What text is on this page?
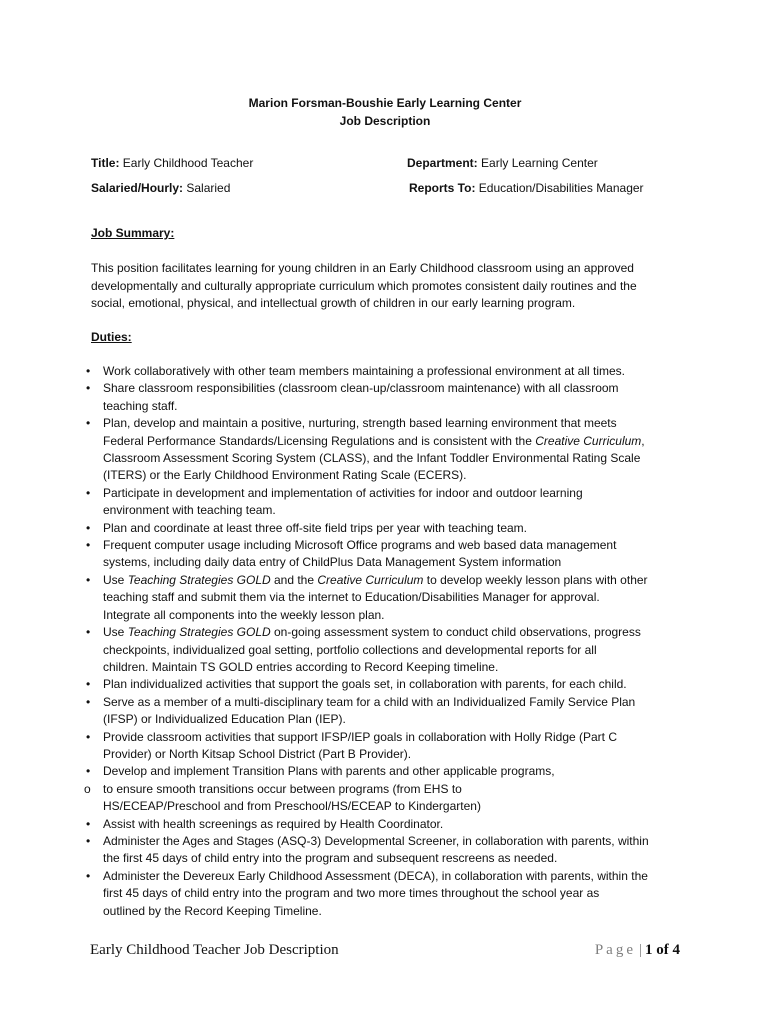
Marion Forsman-Boushie Early Learning Center
Job Description
Title: Early Childhood Teacher	Department: Early Learning Center
Salaried/Hourly: Salaried	Reports To: Education/Disabilities Manager
Job Summary:
This position facilitates learning for young children in an Early Childhood classroom using an approved
developmentally and culturally appropriate curriculum which promotes consistent daily routines and the
social, emotional, physical, and intellectual growth of children in our early learning program.
Duties:
• Work collaboratively with other team members maintaining a professional environment at all times.
• Share classroom responsibilities (classroom clean-up/classroom maintenance) with all classroom
teaching staff.
• Plan, develop and maintain a positive, nurturing, strength based learning environment that meets
Federal Performance Standards/Licensing Regulations and is consistent with the Creative Curriculum,
Classroom Assessment Scoring System (CLASS), and the Infant Toddler Environmental Rating Scale
(ITERS) or the Early Childhood Environment Rating Scale (ECERS).
• Participate in development and implementation of activities for indoor and outdoor learning
environment with teaching team.
• Plan and coordinate at least three off-site field trips per year with teaching team.
• Frequent computer usage including Microsoft Office programs and web based data management
systems, including daily data entry of ChildPlus Data Management System information
• Use Teaching Strategies GOLD and the Creative Curriculum to develop weekly lesson plans with other
teaching staff and submit them via the internet to Education/Disabilities Manager for approval.
Integrate all components into the weekly lesson plan.
• Use Teaching Strategies GOLD on-going assessment system to conduct child observations, progress
checkpoints, individualized goal setting, portfolio collections and developmental reports for all
children. Maintain TS GOLD entries according to Record Keeping timeline.
• Plan individualized activities that support the goals set, in collaboration with parents, for each child.
• Serve as a member of a multi-disciplinary team for a child with an Individualized Family Service Plan
(IFSP) or Individualized Education Plan (IEP).
• Provide classroom activities that support IFSP/IEP goals in collaboration with Holly Ridge (Part C
Provider) or North Kitsap School District (Part B Provider).
• Develop and implement Transition Plans with parents and other applicable programs,
o to ensure smooth transitions occur between programs (from EHS to
HS/ECEAP/Preschool and from Preschool/HS/ECEAP to Kindergarten)
• Assist with health screenings as required by Health Coordinator.
• Administer the Ages and Stages (ASQ-3) Developmental Screener, in collaboration with parents, within
the first 45 days of child entry into the program and subsequent rescreens as needed.
• Administer the Devereux Early Childhood Assessment (DECA), in collaboration with parents, within the
first 45 days of child entry into the program and two more times throughout the school year as
outlined by the Record Keeping Timeline.
Early Childhood Teacher Job Description	Page | 1 of 4
